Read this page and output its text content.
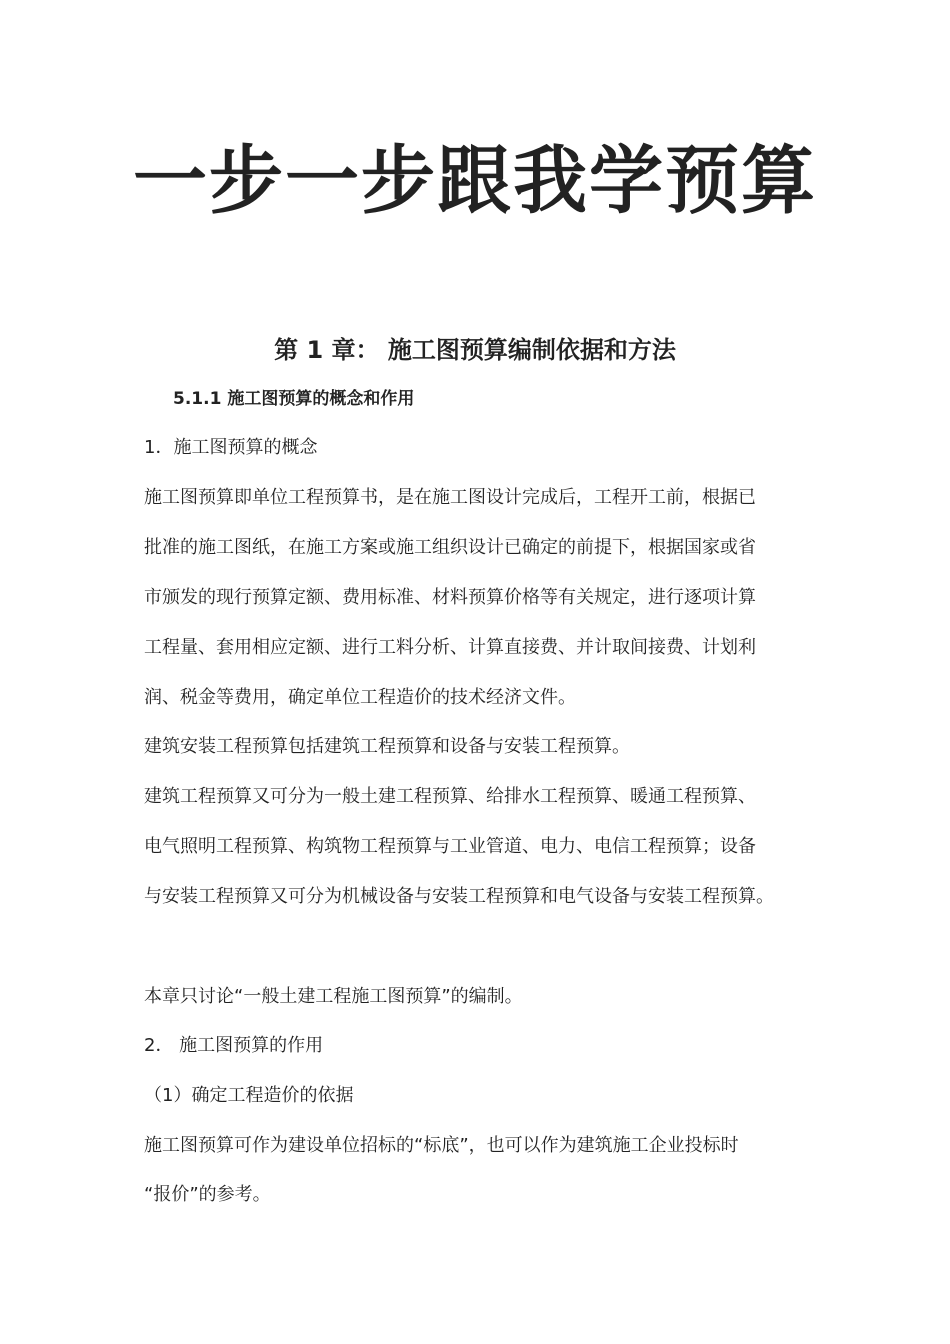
一步一步跟我学预算
第 1 章： 施工图预算编制依据和方法
5.1.1 施工图预算的概念和作用
1．施工图预算的概念
施工图预算即单位工程预算书，是在施工图设计完成后，工程开工前，根据已
批准的施工图纸，在施工方案或施工组织设计已确定的前提下，根据国家或省
市颁发的现行预算定额、费用标准、材料预算价格等有关规定，进行逐项计算
工程量、套用相应定额、进行工料分析、计算直接费、并计取间接费、计划利
润、税金等费用，确定单位工程造价的技术经济文件。
建筑安装工程预算包括建筑工程预算和设备与安装工程预算。
建筑工程预算又可分为一般土建工程预算、给排水工程预算、暖通工程预算、
电气照明工程预算、构筑物工程预算与工业管道、电力、电信工程预算；设备
与安装工程预算又可分为机械设备与安装工程预算和电气设备与安装工程预算。
本章只讨论“一般土建工程施工图预算”的编制。
2． 施工图预算的作用
（1）确定工程造价的依据
施工图预算可作为建设单位招标的“标底”，也可以作为建筑施工企业投标时
“报价”的参考。
